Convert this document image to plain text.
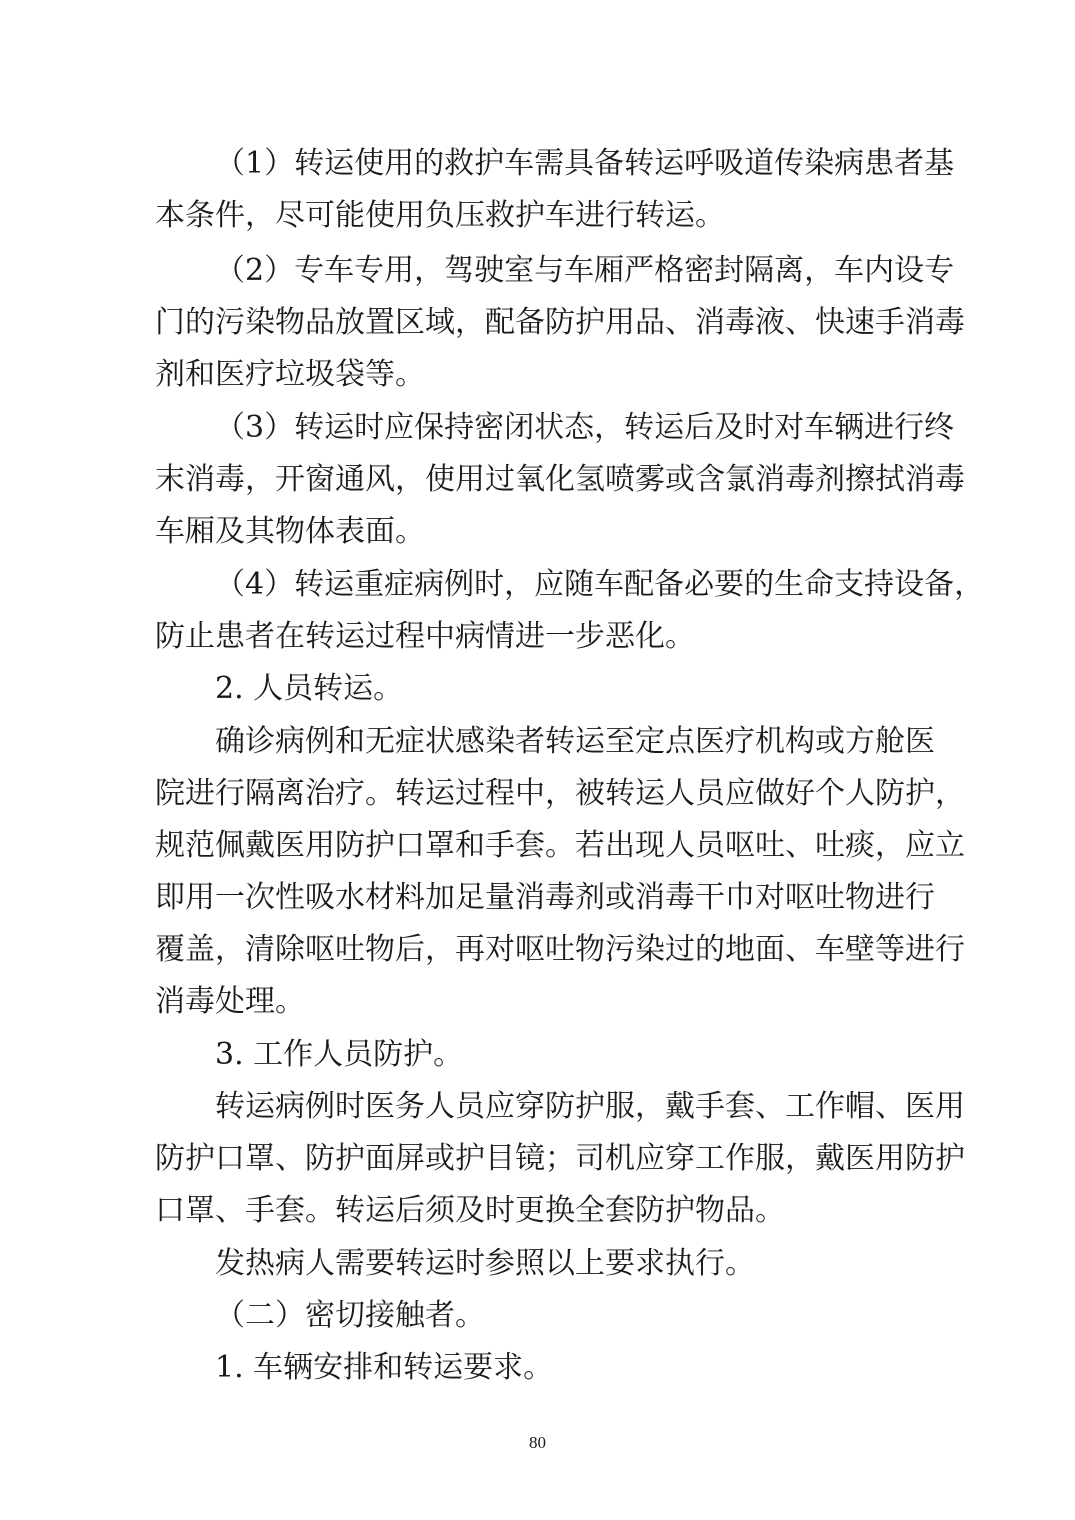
（1）转运使用的救护车需具备转运呼吸道传染病患者基
本条件，尽可能使用负压救护车进行转运。
（2）专车专用，驾驶室与车厢严格密封隔离，车内设专
门的污染物品放置区域，配备防护用品、消毒液、快速手消毒
剂和医疗垃圾袋等。
（3）转运时应保持密闭状态，转运后及时对车辆进行终
末消毒，开窗通风，使用过氧化氢喷雾或含氯消毒剂擦拭消毒
车厢及其物体表面。
（4）转运重症病例时，应随车配备必要的生命支持设备，
防止患者在转运过程中病情进一步恶化。
2. 人员转运。
确诊病例和无症状感染者转运至定点医疗机构或方舱医
院进行隔离治疗。转运过程中，被转运人员应做好个人防护，
规范佩戴医用防护口罩和手套。若出现人员呕吐、吐痰，应立
即用一次性吸水材料加足量消毒剂或消毒干巾对呕吐物进行
覆盖，清除呕吐物后，再对呕吐物污染过的地面、车壁等进行
消毒处理。
3. 工作人员防护。
转运病例时医务人员应穿防护服，戴手套、工作帽、医用
防护口罩、防护面屏或护目镜；司机应穿工作服，戴医用防护
口罩、手套。转运后须及时更换全套防护物品。
发热病人需要转运时参照以上要求执行。
（二）密切接触者。
1. 车辆安排和转运要求。
80
